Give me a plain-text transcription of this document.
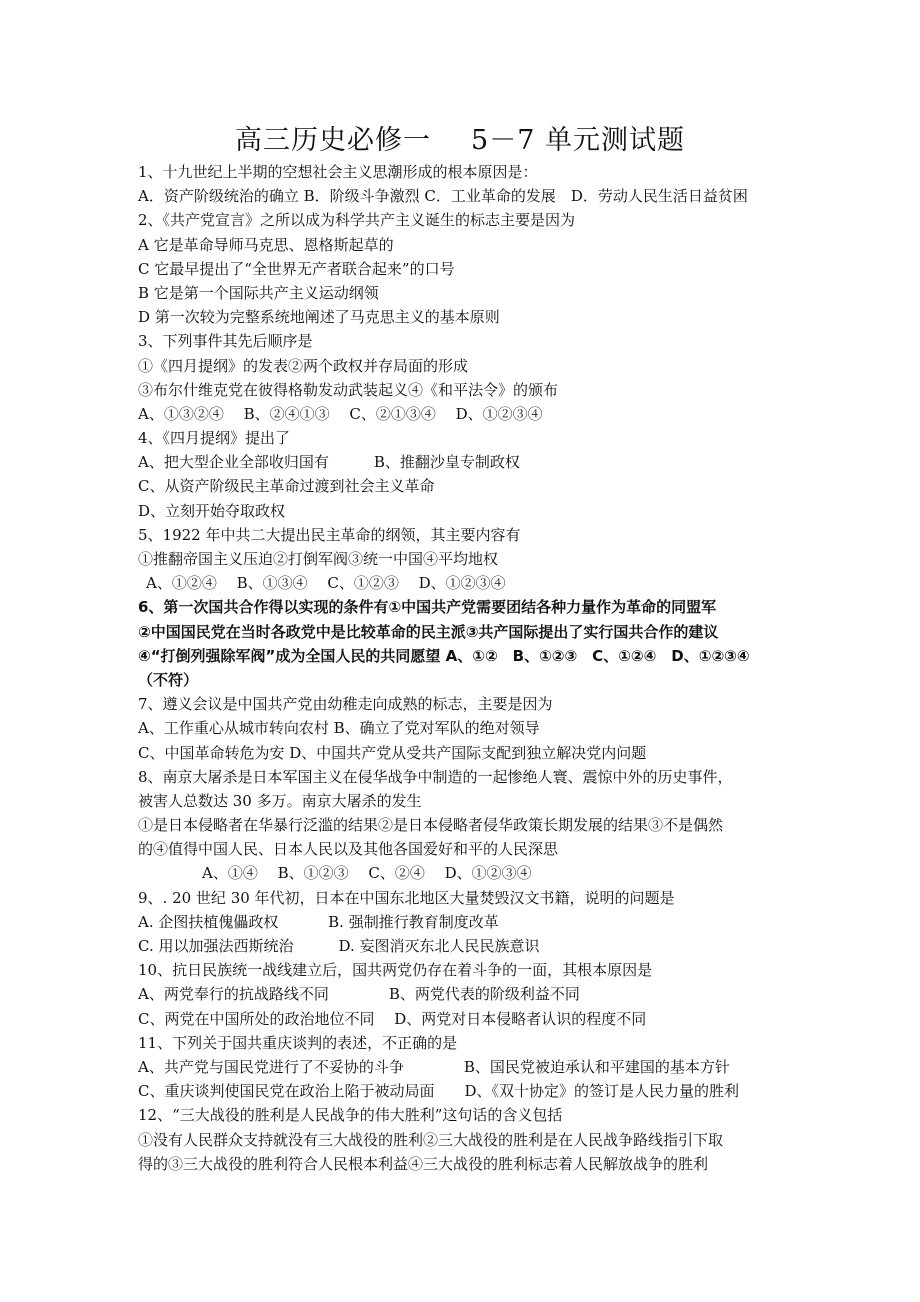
高三历史必修一 5－7 单元测试题
1、十九世纪上半期的空想社会主义思潮形成的根本原因是：
A．资产阶级统治的确立 B．阶级斗争激烈 C．工业革命的发展　D．劳动人民生活日益贫困
2、《共产党宣言》之所以成为科学共产主义诞生的标志主要是因为
A 它是革命导师马克思、恩格斯起草的
C 它最早提出了“全世界无产者联合起来”的口号
B 它是第一个国际共产主义运动纲领
D 第一次较为完整系统地阐述了马克思主义的基本原则
3、下列事件其先后顺序是
①《四月提纲》的发表②两个政权并存局面的形成
③布尔什维克党在彼得格勒发动武装起义④《和平法令》的颁布
A、①③②④　 B、②④①③　 C、②①③④　 D、①②③④
4、《四月提纲》提出了
A、把大型企业全部收归国有　　　B、推翻沙皇专制政权
C、从资产阶级民主革命过渡到社会主义革命
D、立刻开始夺取政权
5、1922 年中共二大提出民主革命的纲领，其主要内容有
①推翻帝国主义压迫②打倒军阀③统一中国④平均地权
A、①②④　 B、①③④　 C、①②③　 D、①②③④
6、第一次国共合作得以实现的条件有①中国共产党需要团结各种力量作为革命的同盟军
②中国国民党在当时各政党中是比较革命的民主派③共产国际提出了实行国共合作的建议
④“打倒列强除军阀”成为全国人民的共同愿望 A、①②　B、①②③　C、①②④　D、①②③④
（不符）
7、遵义会议是中国共产党由幼稚走向成熟的标志，主要是因为
A、工作重心从城市转向农村 B、确立了党对军队的绝对领导
C、中国革命转危为安 D、中国共产党从受共产国际支配到独立解决党内问题
8、南京大屠杀是日本军国主义在侵华战争中制造的一起惨绝人寰、震惊中外的历史事件，
被害人总数达 30 多万。南京大屠杀的发生
①是日本侵略者在华暴行泛滥的结果②是日本侵略者侵华政策长期发展的结果③不是偶然
的④值得中国人民、日本人民以及其他各国爱好和平的人民深思
A、①④　 B、①②③　 C、②④　 D、①②③④
9、. 20 世纪 30 年代初，日本在中国东北地区大量焚毁汉文书籍，说明的问题是
A. 企图扶植傀儡政权　　　 B. 强制推行教育制度改革
C. 用以加强法西斯统治　　　D. 妄图消灭东北人民民族意识
10、抗日民族统一战线建立后，国共两党仍存在着斗争的一面，其根本原因是
A、两党奉行的抗战路线不同　　　　B、两党代表的阶级利益不同
C、两党在中国所处的政治地位不同　 D、两党对日本侵略者认识的程度不同
11、下列关于国共重庆谈判的表述，不正确的是
A、共产党与国民党进行了不妥协的斗争　　　　B、国民党被迫承认和平建国的基本方针
C、重庆谈判使国民党在政治上陷于被动局面　　D、《双十协定》的签订是人民力量的胜利
12、“三大战役的胜利是人民战争的伟大胜利”这句话的含义包括
①没有人民群众支持就没有三大战役的胜利②三大战役的胜利是在人民战争路线指引下取
得的③三大战役的胜利符合人民根本利益④三大战役的胜利标志着人民解放战争的胜利
